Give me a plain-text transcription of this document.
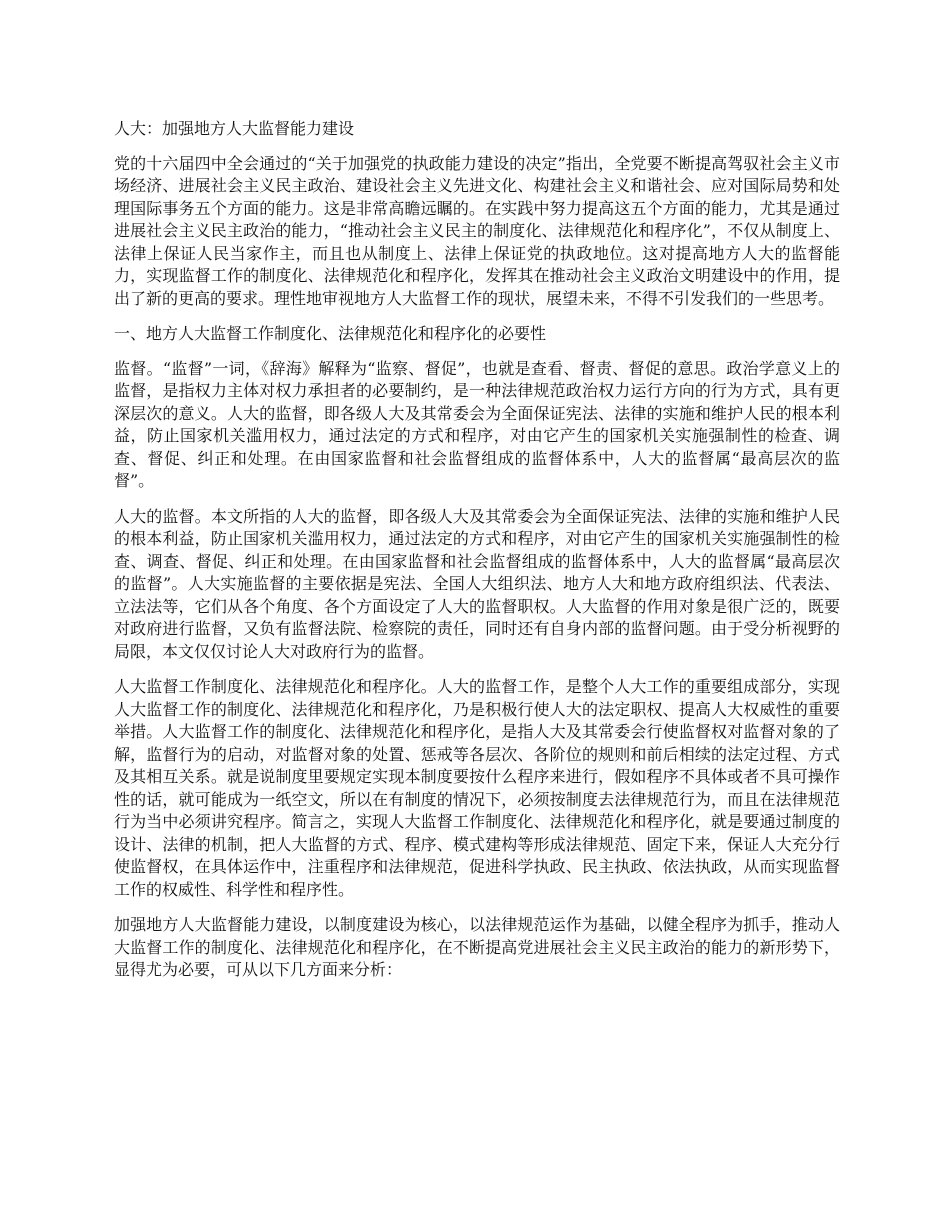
人大：加强地方人大监督能力建设

党的十六届四中全会通过的“关于加强党的执政能力建设的决定”指出，全党要不断提高驾驭社会主义市场经济、进展社会主义民主政治、建设社会主义先进文化、构建社会主义和谐社会、应对国际局势和处理国际事务五个方面的能力。这是非常高瞻远瞩的。在实践中努力提高这五个方面的能力，尤其是通过进展社会主义民主政治的能力，“推动社会主义民主的制度化、法律规范化和程序化”，不仅从制度上、法律上保证人民当家作主，而且也从制度上、法律上保证党的执政地位。这对提高地方人大的监督能力，实现监督工作的制度化、法律规范化和程序化，发挥其在推动社会主义政治文明建设中的作用，提出了新的更高的要求。理性地审视地方人大监督工作的现状，展望未来，不得不引发我们的一些思考。

一、地方人大监督工作制度化、法律规范化和程序化的必要性

监督。“监督”一词，《辞海》解释为“监察、督促”，也就是查看、督责、督促的意思。政治学意义上的监督，是指权力主体对权力承担者的必要制约，是一种法律规范政治权力运行方向的行为方式，具有更深层次的意义。人大的监督，即各级人大及其常委会为全面保证宪法、法律的实施和维护人民的根本利益，防止国家机关滥用权力，通过法定的方式和程序，对由它产生的国家机关实施强制性的检查、调查、督促、纠正和处理。在由国家监督和社会监督组成的监督体系中，人大的监督属“最高层次的监督”。

人大的监督。本文所指的人大的监督，即各级人大及其常委会为全面保证宪法、法律的实施和维护人民的根本利益，防止国家机关滥用权力，通过法定的方式和程序，对由它产生的国家机关实施强制性的检查、调查、督促、纠正和处理。在由国家监督和社会监督组成的监督体系中，人大的监督属“最高层次的监督”。人大实施监督的主要依据是宪法、全国人大组织法、地方人大和地方政府组织法、代表法、立法法等，它们从各个角度、各个方面设定了人大的监督职权。人大监督的作用对象是很广泛的，既要对政府进行监督，又负有监督法院、检察院的责任，同时还有自身内部的监督问题。由于受分析视野的局限，本文仅仅讨论人大对政府行为的监督。

人大监督工作制度化、法律规范化和程序化。人大的监督工作，是整个人大工作的重要组成部分，实现人大监督工作的制度化、法律规范化和程序化，乃是积极行使人大的法定职权、提高人大权威性的重要举措。人大监督工作的制度化、法律规范化和程序化，是指人大及其常委会行使监督权对监督对象的了解，监督行为的启动，对监督对象的处置、惩戒等各层次、各阶位的规则和前后相续的法定过程、方式及其相互关系。就是说制度里要规定实现本制度要按什么程序来进行，假如程序不具体或者不具可操作性的话，就可能成为一纸空文，所以在有制度的情况下，必须按制度去法律规范行为，而且在法律规范行为当中必须讲究程序。简言之，实现人大监督工作制度化、法律规范化和程序化，就是要通过制度的设计、法律的机制，把人大监督的方式、程序、模式建构等形成法律规范、固定下来，保证人大充分行使监督权，在具体运作中，注重程序和法律规范，促进科学执政、民主执政、依法执政，从而实现监督工作的权威性、科学性和程序性。

加强地方人大监督能力建设，以制度建设为核心，以法律规范运作为基础，以健全程序为抓手，推动人大监督工作的制度化、法律规范化和程序化，在不断提高党进展社会主义民主政治的能力的新形势下，显得尤为必要，可从以下几方面来分析：
